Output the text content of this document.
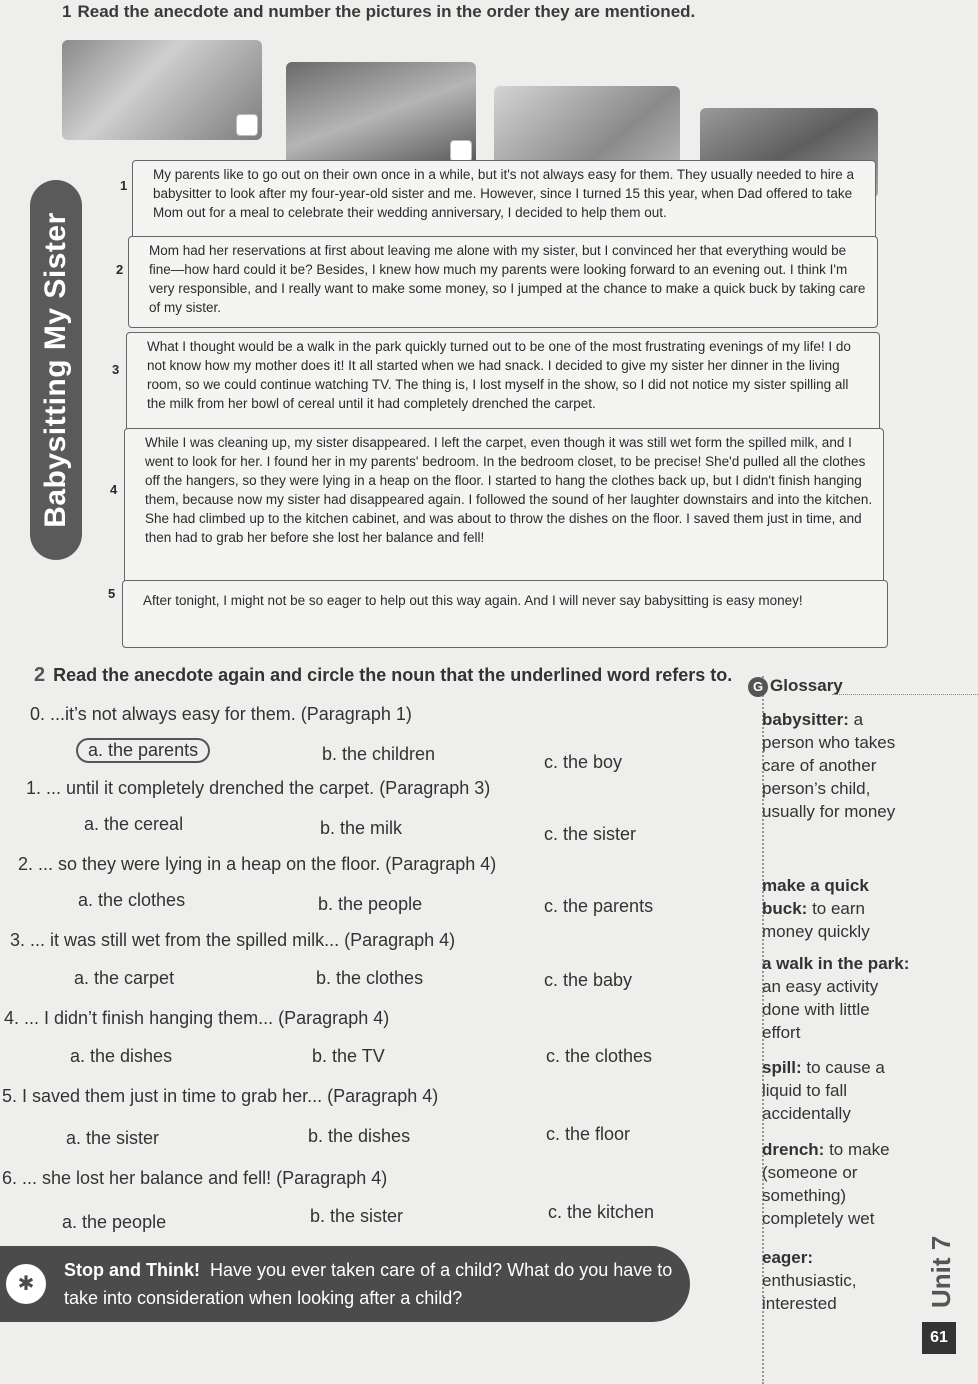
1 Read the anecdote and number the pictures in the order they are mentioned.
Babysitting My Sister
1
My parents like to go out on their own once in a while, but it's not always easy for them. They usually needed to hire a babysitter to look after my four-year-old sister and me. However, since I turned 15 this year, when Dad offered to take Mom out for a meal to celebrate their wedding anniversary, I decided to help them out.
2
Mom had her reservations at first about leaving me alone with my sister, but I convinced her that everything would be fine—how hard could it be? Besides, I knew how much my parents were looking forward to an evening out. I think I'm very responsible, and I really want to make some money, so I jumped at the chance to make a quick buck by taking care of my sister.
3
What I thought would be a walk in the park quickly turned out to be one of the most frustrating evenings of my life! I do not know how my mother does it! It all started when we had snack. I decided to give my sister her dinner in the living room, so we could continue watching TV. The thing is, I lost myself in the show, so I did not notice my sister spilling all the milk from her bowl of cereal until it had completely drenched the carpet.
4
While I was cleaning up, my sister disappeared. I left the carpet, even though it was still wet form the spilled milk, and I went to look for her. I found her in my parents' bedroom. In the bedroom closet, to be precise! She'd pulled all the clothes off the hangers, so they were lying in a heap on the floor. I started to hang the clothes back up, but I didn't finish hanging them, because now my sister had disappeared again. I followed the sound of her laughter downstairs and into the kitchen. She had climbed up to the kitchen cabinet, and was about to throw the dishes on the floor. I saved them just in time, and then had to grab her before she lost her balance and fell!
5	After tonight, I might not be so eager to help out this way again. And I will never say babysitting is easy money!
2 Read the anecdote again and circle the noun that the underlined word refers to.
0. ...it’s not always easy for them. (Paragraph 1)
a. the parents	b. the children	c. the boy
1. ... until it completely drenched the carpet. (Paragraph 3)
a. the cereal	b. the milk	c. the sister
2. ... so they were lying in a heap on the floor. (Paragraph 4)
a. the clothes	b. the people	c. the parents
3. ... it was still wet from the spilled milk... (Paragraph 4)
a. the carpet	b. the clothes	c. the baby
4. ... I didn’t finish hanging them... (Paragraph 4)
a. the dishes	b. the TV	c. the clothes
5. I saved them just in time to grab her... (Paragraph 4)
a. the sister	b. the dishes	c. the floor
6. ... she lost her balance and fell! (Paragraph 4)
a. the people	b. the sister	c. the kitchen
G Glossary
babysitter: a person who takes care of another person’s child, usually for money
make a quick buck: to earn money quickly
a walk in the park: an easy activity done with little effort
spill: to cause a liquid to fall accidentally
drench: to make (someone or something) completely wet
eager: enthusiastic, interested
✱
Stop and Think! Have you ever taken care of a child? What do you have to take into consideration when looking after a child?	Unit 7
61
